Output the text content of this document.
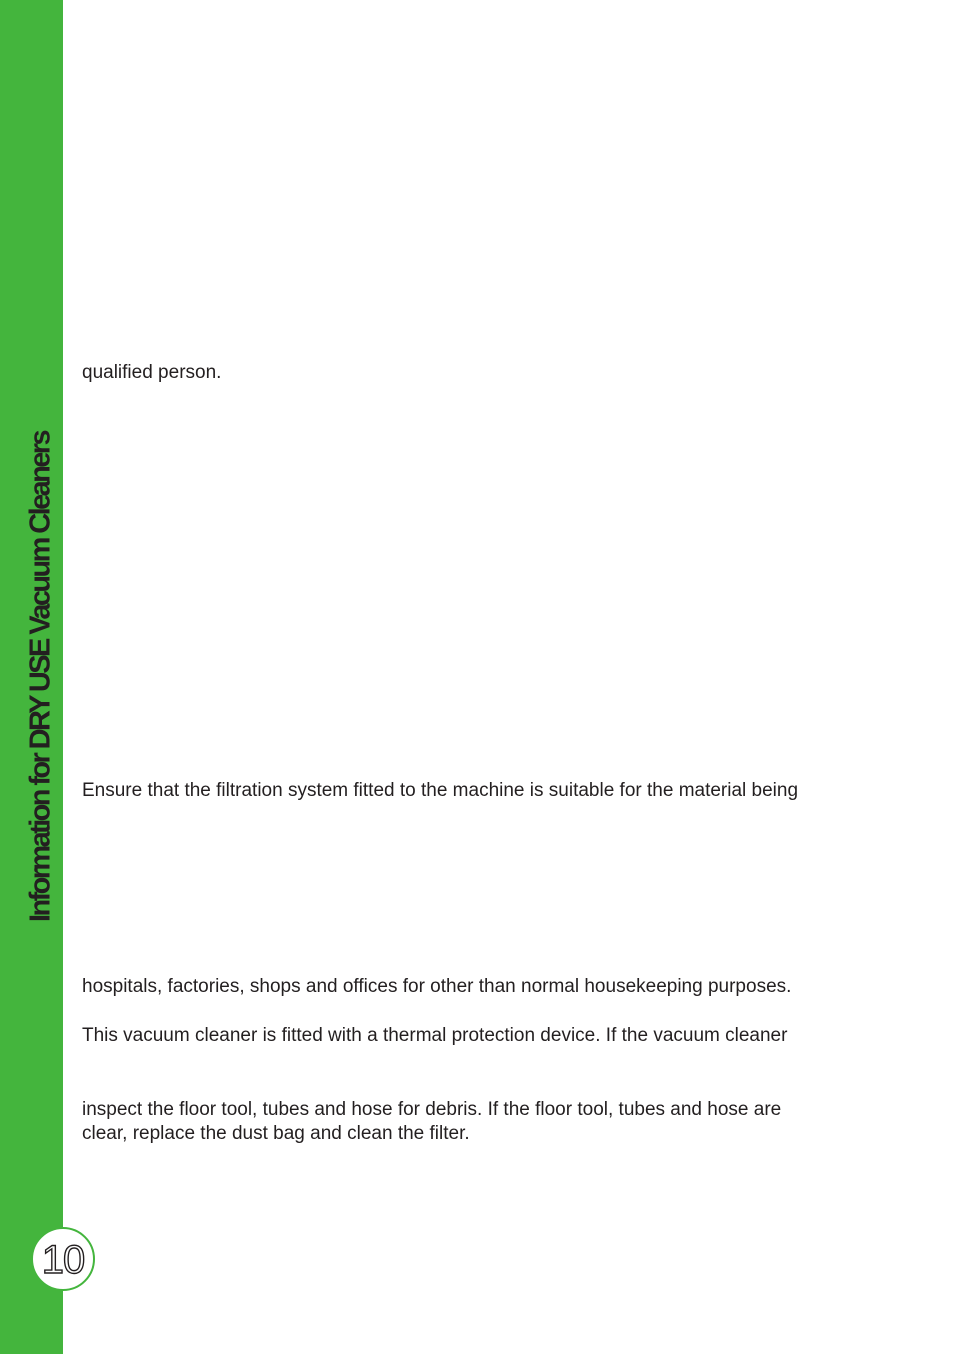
Information for DRY USE Vacuum Cleaners
10

qualified person.

Ensure that the filtration system fitted to the machine is suitable for the material being

hospitals, factories, shops and offices for other than normal housekeeping purposes.

This vacuum cleaner is fitted with a thermal protection device. If the vacuum cleaner

inspect the floor tool, tubes and hose for debris. If the floor tool, tubes and hose are

clear, replace the dust bag and clean the filter.
